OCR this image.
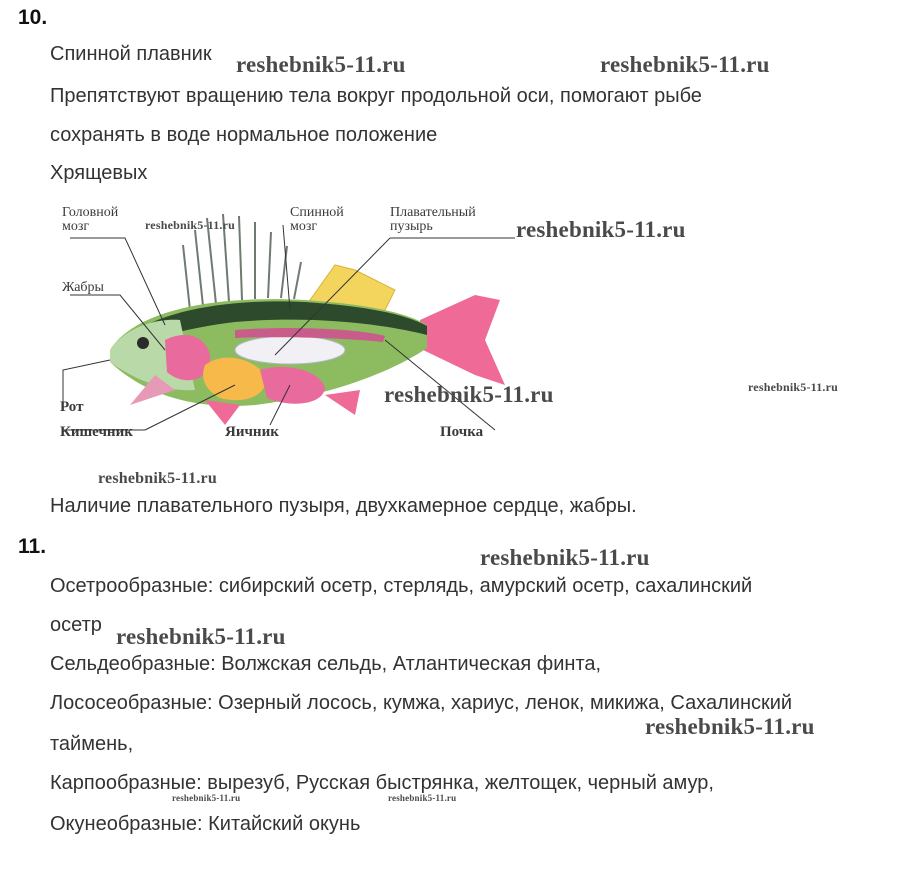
10.
Спинной плавник
Препятствуют вращению тела вокруг продольной оси, помогают рыбе
сохранять в воде нормальное положение
Хрящевых
Головной
мозг
Спинной
мозг
Плавательный
пузырь
Жабры
Рот
Кишечник	Яичник	Почка
Наличие плавательного пузыря, двухкамерное сердце, жабры.
11.
Осетрообразные: сибирский осетр, стерлядь, амурский осетр, сахалинский
осетр
Сельдеобразные: Волжская сельдь, Атлантическая финта,
Лососеобразные: Озерный лосось, кумжа, хариус, ленок, микижа, Сахалинский
таймень,
Карпообразные: вырезуб, Русская быстрянка, желтощек, черный амур,
Окунеобразные: Китайский окунь
reshebnik5-11.ru	reshebnik5-11.ru
reshebnik5-11.ru	reshebnik5-11.ru
reshebnik5-11.ru	reshebnik5-11.ru
reshebnik5-11.ru
reshebnik5-11.ru
reshebnik5-11.ru
reshebnik5-11.ru
reshebnik5-11.ru	reshebnik5-11.ru
